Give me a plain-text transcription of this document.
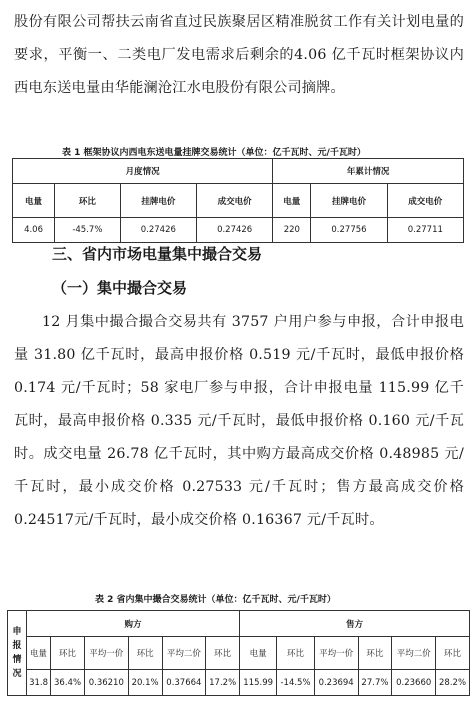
股份有限公司帮扶云南省直过民族聚居区精准脱贫工作有关计划电量的要求，平衡一、二类电厂发电需求后剩余的4.06 亿千瓦时框架协议内西电东送电量由华能澜沧江水电股份有限公司摘牌。

表 1 框架协议内西电东送电量挂牌交易统计（单位：亿千瓦时、元/千瓦时）
月度情况				年累计情况		
电量	环比	挂牌电价	成交电价	电量	挂牌电价	成交电价
4.06	-45.7%	0.27426	0.27426	220	0.27756	0.27711
三、省内市场电量集中撮合交易
（一）集中撮合交易

12 月集中撮合撮合交易共有 3757 户用户参与申报，合计申报电量 31.80 亿千瓦时，最高申报价格 0.519 元/千瓦时，最低申报价格 0.174 元/千瓦时；58 家电厂参与申报，合计申报电量 115.99 亿千瓦时，最高申报价格 0.335 元/千瓦时，最低申报价格 0.160 元/千瓦时。成交电量 26.78 亿千瓦时，其中购方最高成交价格 0.48985 元/千瓦时，最小成交价格 0.27533 元/千瓦时；售方最高成交价格 0.24517元/千瓦时，最小成交价格 0.16367 元/千瓦时。

表 2 省内集中撮合交易统计（单位：亿千瓦时、元/千瓦时）
申
报
情
况	购方						售方					
	电量	环比	平均一价	环比	平均二价	环比	电量	环比	平均一价	环比	平均二价	环比
	31.8	36.4%	0.36210	20.1%	0.37664	17.2%	115.99	-14.5%	0.23694	27.7%	0.23660	28.2%
